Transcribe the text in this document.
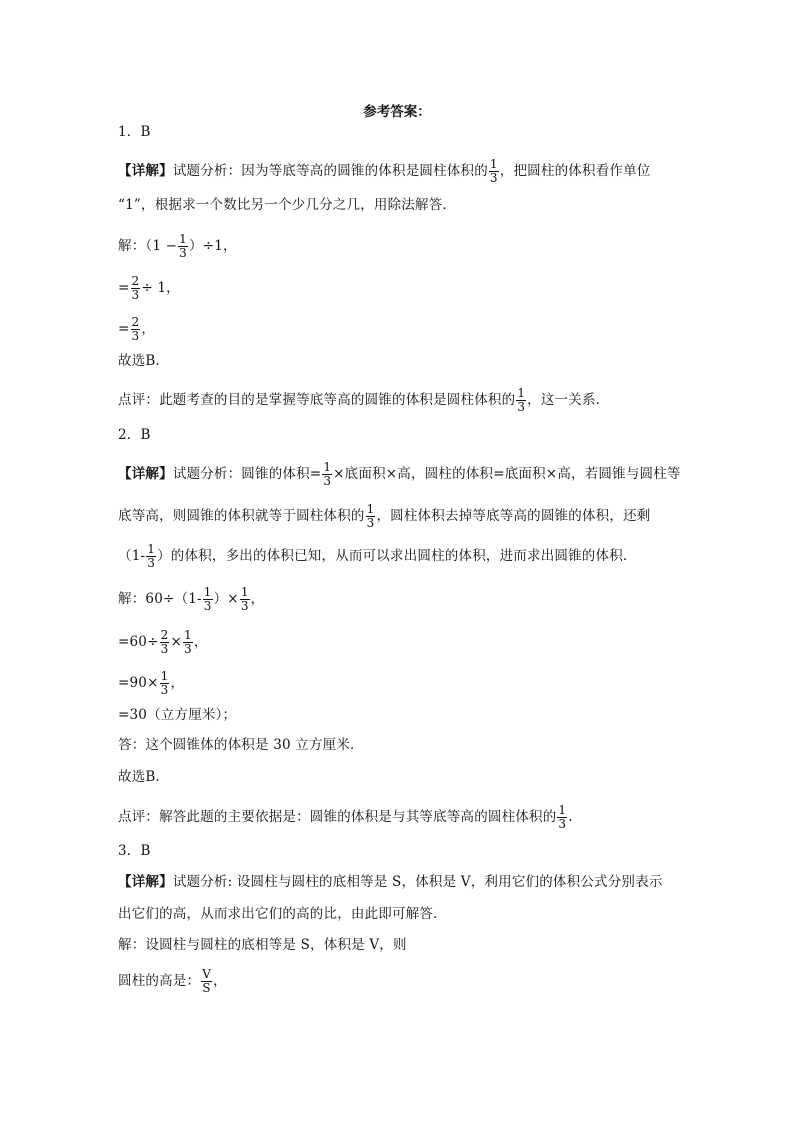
参考答案：
1．B
【详解】试题分析：因为等底等高的圆锥的体积是圆柱体积的 $\frac{1}{3}$ ，把圆柱的体积看作单位
“1”，根据求一个数比另一个少几分之几，用除法解答．
解：$(1 - \frac{1}{3} )\div 1$，
= $\frac{2}{3} \div 1$，
= $\frac{2}{3}$ ，
故选B．
点评：此题考查的目的是掌握等底等高的圆锥的体积是圆柱体积的 $\frac{1}{3}$ ，这一关系．
2．B
【详解】试题分析：圆锥的体积= $\frac{1}{3}$ ×底面积×高，圆柱的体积=底面积×高，若圆锥与圆柱等
底等高，则圆锥的体积就等于圆柱体积的 $\frac{1}{3}$ ，圆柱体积去掉等底等高的圆锥的体积，还剩
（$1- \frac{1}{3}$ ）的体积，多出的体积已知，从而可以求出圆柱的体积，进而求出圆锥的体积．
解：$60\div(1- \frac{1}{3}$ ）× $\frac{1}{3}$ ，
$=60\div \frac{2}{3} \times \frac{1}{3}$ ，
$=90\times \frac{1}{3}$ ，
=30（立方厘米）；
答：这个圆锥体的体积是 30 立方厘米．
故选B．
点评：解答此题的主要依据是：圆锥的体积是与其等底等高的圆柱体积的 $\frac{1}{3}$ .
3．B
【详解】试题分析: 设圆柱与圆柱的底相等是 S，体积是 V，利用它们的体积公式分别表示
出它们的高，从而求出它们的高的比，由此即可解答．
解：设圆柱与圆柱的底相等是 S，体积是 V，则
圆柱的高是： $\frac{V}{S}$ ，
